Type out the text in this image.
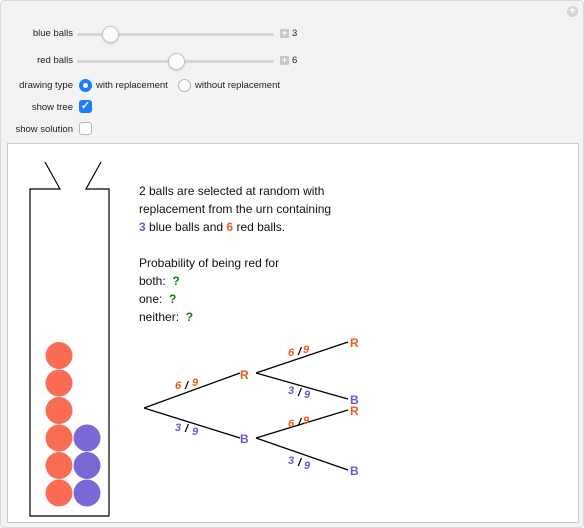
+
blue balls	+ 3
red balls	+ 6
drawing type with replacement	without replacement
show tree ✓
show solution
R
B
R
B
R
B
6 / 9
3 / 9
6 / 9
3 / 9
6 / 9
3 / 9
2 balls are selected at random with
replacement from the urn containing
3 blue balls and 6 red balls.
Probability of being red for
both: ?
one: ?
neither: ?
